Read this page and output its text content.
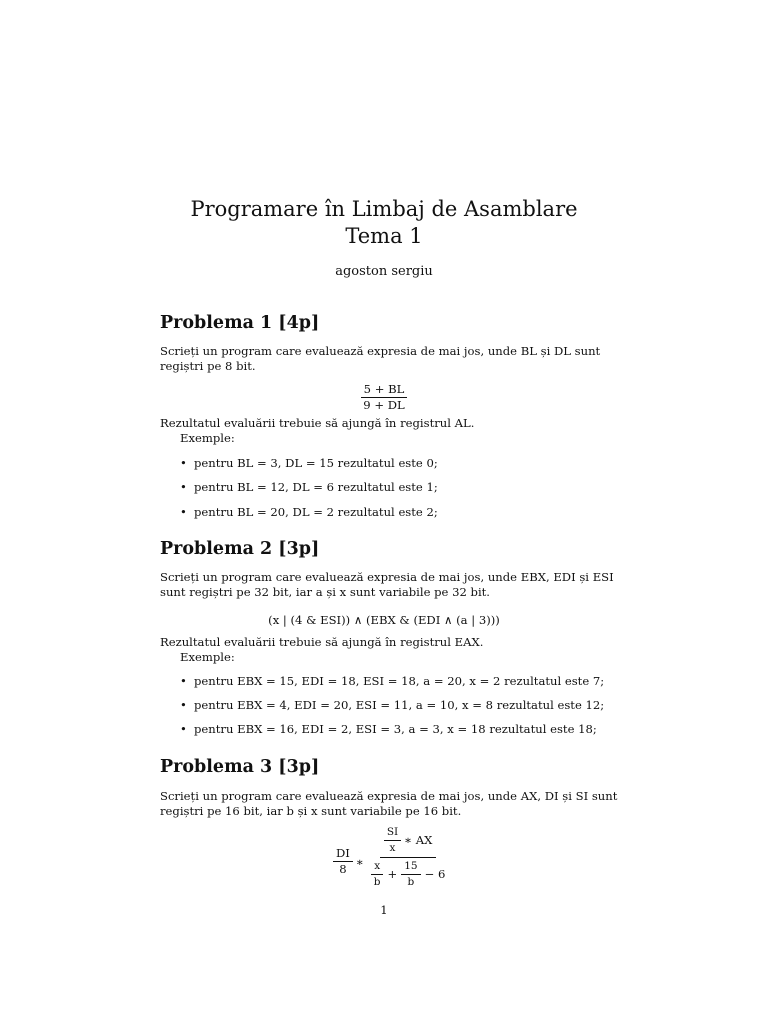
Programare în Limbaj de Asamblare
Tema 1
agoston sergiu
Problema 1 [4p]
Scrieți un program care evaluează expresia de mai jos, unde BL și DL sunt
regiștri pe 8 bit.
$\frac{5 + BL}{9 + DL}$
Rezultatul evaluării trebuie să ajungă în registrul AL.
Exemple:
• pentru BL = 3, DL = 15 rezultatul este 0;
• pentru BL = 12, DL = 6 rezultatul este 1;
• pentru BL = 20, DL = 2 rezultatul este 2;
Problema 2 [3p]
Scrieți un program care evaluează expresia de mai jos, unde EBX, EDI și ESI
sunt regiștri pe 32 bit, iar a și x sunt variabile pe 32 bit.
(x | (4 & ESI)) ∧ (EBX & (EDI ∧ (a | 3)))
Rezultatul evaluării trebuie să ajungă în registrul EAX.
Exemple:
• pentru EBX = 15, EDI = 18, ESI = 18, a = 20, x = 2 rezultatul este 7;
• pentru EBX = 4, EDI = 20, ESI = 11, a = 10, x = 8 rezultatul este 12;
• pentru EBX = 16, EDI = 2, ESI = 3, a = 3, x = 18 rezultatul este 18;
Problema 3 [3p]
Scrieți un program care evaluează expresia de mai jos, unde AX, DI și SI sunt
regiștri pe 16 bit, iar b și x sunt variabile pe 16 bit.
$\frac{DI}{8}$ ∗
$\frac{SI}{x}$ ∗ AX
$\frac{x}{b} + \frac{15}{b} - 6$
1
